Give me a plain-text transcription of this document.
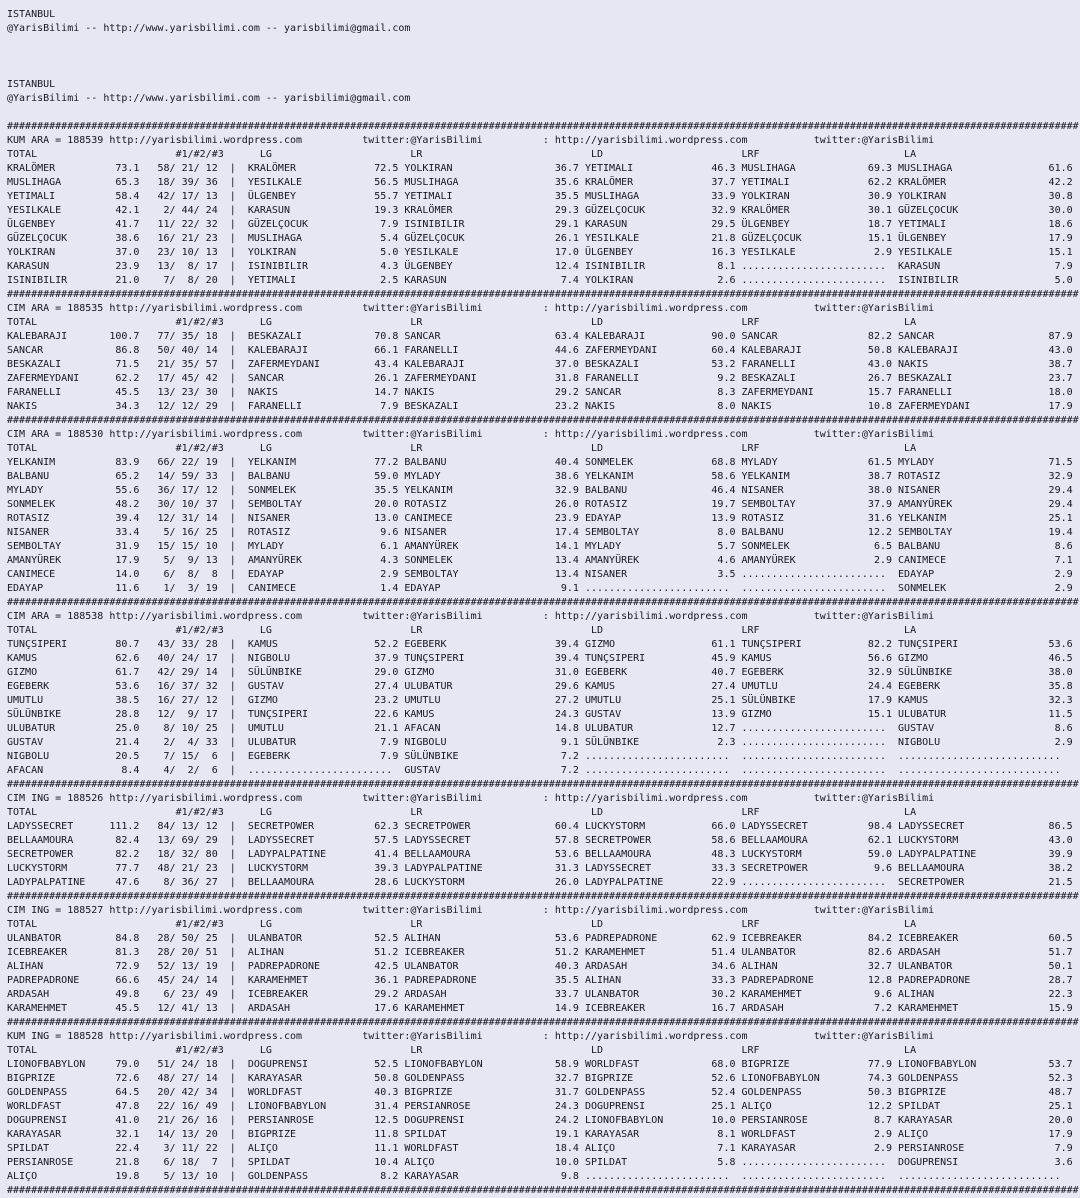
ISTANBUL
@YarisBilimi -- http://www.yarisbilimi.com -- yarisbilimi@gmail.com
ISTANBUL
@YarisBilimi -- http://www.yarisbilimi.com -- yarisbilimi@gmail.com
##################################################################################################################################################################################
KUM ARA = 188539 http://yarisbilimi.wordpress.com          twitter:@YarisBilimi          : http://yarisbilimi.wordpress.com           twitter:@YarisBilimi
TOTAL                       #1/#2/#3      LG                       LR                            LD                       LRF                        LA
KRALÖMER          73.1   58/ 21/ 12  |  KRALÖMER             72.5 YOLKIRAN                 36.7 YETIMALI             46.3 MUSLIHAGA            69.3 MUSLIHAGA                61.6
MUSLIHAGA         65.3   18/ 39/ 36  |  YESILKALE            56.5 MUSLIHAGA                35.6 KRALÖMER             37.7 YETIMALI             62.2 KRALÖMER                 42.2
YETIMALI          58.4   42/ 17/ 13  |  ÜLGENBEY             55.7 YETIMALI                 35.5 MUSLIHAGA            33.9 YOLKIRAN             30.9 YOLKIRAN                 30.8
YESILKALE         42.1    2/ 44/ 24  |  KARASUN              19.3 KRALÖMER                 29.3 GÜZELÇOCUK           32.9 KRALÖMER             30.1 GÜZELÇOCUK               30.0
ÜLGENBEY          41.7   11/ 22/ 32  |  GÜZELÇOCUK            7.9 ISINIBILIR               29.1 KARASUN              29.5 ÜLGENBEY             18.7 YETIMALI                 18.6
GÜZELÇOCUK        38.6   16/ 21/ 23  |  MUSLIHAGA             5.4 GÜZELÇOCUK               26.1 YESILKALE            21.8 GÜZELÇOCUK           15.1 ÜLGENBEY                 17.9
YOLKIRAN          37.0   23/ 10/ 13  |  YOLKIRAN              5.0 YESILKALE                17.0 ÜLGENBEY             16.3 YESILKALE             2.9 YESILKALE                15.1
KARASUN           23.9   13/  8/ 17  |  ISINIBILIR            4.3 ÜLGENBEY                 12.4 ISINIBILIR            8.1 ........................  KARASUN                   7.9
ISINIBILIR        21.0    7/  8/ 20  |  YETIMALI              2.5 KARASUN                   7.4 YOLKIRAN              2.6 ........................  ISINIBILIR                5.0
##################################################################################################################################################################################
CIM ARA = 188535 http://yarisbilimi.wordpress.com          twitter:@YarisBilimi          : http://yarisbilimi.wordpress.com           twitter:@YarisBilimi
TOTAL                       #1/#2/#3      LG                       LR                            LD                       LRF                        LA
KALEBARAJI       100.7   77/ 35/ 18  |  BESKAZALI            70.8 SANCAR                   63.4 KALEBARAJI           90.0 SANCAR               82.2 SANCAR                   87.9
SANCAR            86.8   50/ 40/ 14  |  KALEBARAJI           66.1 FARANELLI                44.6 ZAFERMEYDANI         60.4 KALEBARAJI           50.8 KALEBARAJI               43.0
BESKAZALI         71.5   21/ 35/ 57  |  ZAFERMEYDANI         43.4 KALEBARAJI               37.0 BESKAZALI            53.2 FARANELLI            43.0 NAKIS                    38.7
ZAFERMEYDANI      62.2   17/ 45/ 42  |  SANCAR               26.1 ZAFERMEYDANI             31.8 FARANELLI             9.2 BESKAZALI            26.7 BESKAZALI                23.7
FARANELLI         45.5   13/ 23/ 30  |  NAKIS                14.7 NAKIS                    29.2 SANCAR                8.3 ZAFERMEYDANI         15.7 FARANELLI                18.0
NAKIS             34.3   12/ 12/ 29  |  FARANELLI             7.9 BESKAZALI                23.2 NAKIS                 8.0 NAKIS                10.8 ZAFERMEYDANI             17.9
##################################################################################################################################################################################
CIM ARA = 188530 http://yarisbilimi.wordpress.com          twitter:@YarisBilimi          : http://yarisbilimi.wordpress.com           twitter:@YarisBilimi
TOTAL                       #1/#2/#3      LG                       LR                            LD                       LRF                        LA
YELKANIM          83.9   66/ 22/ 19  |  YELKANIM             77.2 BALBANU                  40.4 SONMELEK             68.8 MYLADY               61.5 MYLADY                   71.5
BALBANU           65.2   14/ 59/ 33  |  BALBANU              59.0 MYLADY                   38.6 YELKANIM             58.6 YELKANIM             38.7 ROTASIZ                  32.9
MYLADY            55.6   36/ 17/ 12  |  SONMELEK             35.5 YELKANIM                 32.9 BALBANU              46.4 NISANER              38.0 NISANER                  29.4
SONMELEK          48.2   30/ 10/ 37  |  SEMBOLTAY            20.0 ROTASIZ                  26.0 ROTASIZ              19.7 SEMBOLTAY            37.9 AMANYÜREK                29.4
ROTASIZ           39.4   12/ 31/ 14  |  NISANER              13.0 CANIMECE                 23.9 EDAYAP               13.9 ROTASIZ              31.6 YELKANIM                 25.1
NISANER           33.4    5/ 16/ 25  |  ROTASIZ               9.6 NISANER                  17.4 SEMBOLTAY             8.0 BALBANU              12.2 SEMBOLTAY                19.4
SEMBOLTAY         31.9   15/ 15/ 10  |  MYLADY                6.1 AMANYÜREK                14.1 MYLADY                5.7 SONMELEK              6.5 BALBANU                   8.6
AMANYÜREK         17.9    5/  9/ 13  |  AMANYÜREK             4.3 SONMELEK                 13.4 AMANYÜREK             4.6 AMANYÜREK             2.9 CANIMECE                  7.1
CANIMECE          14.0    6/  8/  8  |  EDAYAP                2.9 SEMBOLTAY                13.4 NISANER               3.5 ........................  EDAYAP                    2.9
EDAYAP            11.6    1/  3/ 19  |  CANIMECE              1.4 EDAYAP                    9.1 ........................  ........................  SONMELEK                  2.9
##################################################################################################################################################################################
CIM ARA = 188538 http://yarisbilimi.wordpress.com          twitter:@YarisBilimi          : http://yarisbilimi.wordpress.com           twitter:@YarisBilimi
TOTAL                       #1/#2/#3      LG                       LR                            LD                       LRF                        LA
TUNÇSIPERI        80.7   43/ 33/ 28  |  KAMUS                52.2 EGEBERK                  39.4 GIZMO                61.1 TUNÇSIPERI           82.2 TUNÇSIPERI               53.6
KAMUS             62.6   40/ 24/ 17  |  NIGBOLU              37.9 TUNÇSIPERI               39.4 TUNÇSIPERI           45.9 KAMUS                56.6 GIZMO                    46.5
GIZMO             61.7   42/ 29/ 14  |  SÜLÜNBIKE            29.0 GIZMO                    31.0 EGEBERK              40.7 EGEBERK              32.9 SÜLÜNBIKE                38.0
EGEBERK           53.6   16/ 37/ 32  |  GUSTAV               27.4 ULUBATUR                 29.6 KAMUS                27.4 UMUTLU               24.4 EGEBERK                  35.8
UMUTLU            38.5   16/ 27/ 12  |  GIZMO                23.2 UMUTLU                   27.2 UMUTLU               25.1 SÜLÜNBIKE            17.9 KAMUS                    32.3
SÜLÜNBIKE         28.8   12/  9/ 17  |  TUNÇSIPERI           22.6 KAMUS                    24.3 GUSTAV               13.9 GIZMO                15.1 ULUBATUR                 11.5
ULUBATUR          25.0    8/ 10/ 25  |  UMUTLU               21.1 AFACAN                   14.8 ULUBATUR             12.7 ........................  GUSTAV                    8.6
GUSTAV            21.4    2/  4/ 33  |  ULUBATUR              7.9 NIGBOLU                   9.1 SÜLÜNBIKE             2.3 ........................  NIGBOLU                   2.9
NIGBOLU           20.5    7/ 15/  6  |  EGEBERK               7.9 SÜLÜNBIKE                 7.2 ........................  ........................  ...........................
AFACAN             8.4    4/  2/  6  |  ........................  GUSTAV                    7.2 ........................  ........................  ...........................
##################################################################################################################################################################################
CIM ING = 188526 http://yarisbilimi.wordpress.com          twitter:@YarisBilimi          : http://yarisbilimi.wordpress.com           twitter:@YarisBilimi
TOTAL                       #1/#2/#3      LG                       LR                            LD                       LRF                        LA
LADYSSECRET      111.2   84/ 13/ 12  |  SECRETPOWER          62.3 SECRETPOWER              60.4 LUCKYSTORM           66.0 LADYSSECRET          98.4 LADYSSECRET              86.5
BELLAAMOURA       82.4   13/ 69/ 29  |  LADYSSECRET          57.5 LADYSSECRET              57.8 SECRETPOWER          58.6 BELLAAMOURA          62.1 LUCKYSTORM               43.0
SECRETPOWER       82.2   18/ 32/ 80  |  LADYPALPATINE        41.4 BELLAAMOURA              53.6 BELLAAMOURA          48.3 LUCKYSTORM           59.0 LADYPALPATINE            39.9
LUCKYSTORM        77.7   48/ 21/ 23  |  LUCKYSTORM           39.3 LADYPALPATINE            31.3 LADYSSECRET          33.3 SECRETPOWER           9.6 BELLAAMOURA              38.2
LADYPALPATINE     47.6    8/ 36/ 27  |  BELLAAMOURA          28.6 LUCKYSTORM               26.0 LADYPALPATINE        22.9 ........................  SECRETPOWER              21.5
##################################################################################################################################################################################
CIM ING = 188527 http://yarisbilimi.wordpress.com          twitter:@YarisBilimi          : http://yarisbilimi.wordpress.com           twitter:@YarisBilimi
TOTAL                       #1/#2/#3      LG                       LR                            LD                       LRF                        LA
ULANBATOR         84.8   28/ 50/ 25  |  ULANBATOR            52.5 ALIHAN                   53.6 PADREPADRONE         62.9 ICEBREAKER           84.2 ICEBREAKER               60.5
ICEBREAKER        81.3   28/ 20/ 51  |  ALIHAN               51.2 ICEBREAKER               51.2 KARAMEHMET           51.4 ULANBATOR            82.6 ARDASAH                  51.7
ALIHAN            72.9   52/ 13/ 19  |  PADREPADRONE         42.5 ULANBATOR                40.3 ARDASAH              34.6 ALIHAN               32.7 ULANBATOR                50.1
PADREPADRONE      66.6   45/ 24/ 14  |  KARAMEHMET           36.1 PADREPADRONE             35.5 ALIHAN               33.3 PADREPADRONE         12.8 PADREPADRONE             28.7
ARDASAH           49.8    6/ 23/ 49  |  ICEBREAKER           29.2 ARDASAH                  33.7 ULANBATOR            30.2 KARAMEHMET            9.6 ALIHAN                   22.3
KARAMEHMET        45.5   12/ 41/ 13  |  ARDASAH              17.6 KARAMEHMET               14.9 ICEBREAKER           16.7 ARDASAH               7.2 KARAMEHMET               15.9
##################################################################################################################################################################################
KUM ING = 188528 http://yarisbilimi.wordpress.com          twitter:@YarisBilimi          : http://yarisbilimi.wordpress.com           twitter:@YarisBilimi
TOTAL                       #1/#2/#3      LG                       LR                            LD                       LRF                        LA
LIONOFBABYLON     79.0   51/ 24/ 18  |  DOGUPRENSI           52.5 LIONOFBABYLON            58.9 WORLDFAST            68.0 BIGPRIZE             77.9 LIONOFBABYLON            53.7
BIGPRIZE          72.6   48/ 27/ 14  |  KARAYASAR            50.8 GOLDENPASS               32.7 BIGPRIZE             52.6 LIONOFBABYLON        74.3 GOLDENPASS               52.3
GOLDENPASS        64.5   20/ 42/ 34  |  WORLDFAST            40.3 BIGPRIZE                 31.7 GOLDENPASS           52.4 GOLDENPASS           50.3 BIGPRIZE                 48.7
WORLDFAST         47.8   22/ 16/ 49  |  LIONOFBABYLON        31.4 PERSIANROSE              24.3 DOGUPRENSI           25.1 ALIÇO                12.2 SPILDAT                  25.1
DOGUPRENSI        41.0   21/ 26/ 16  |  PERSIANROSE          12.5 DOGUPRENSI               24.2 LIONOFBABYLON        10.0 PERSIANROSE           8.7 KARAYASAR                20.0
KARAYASAR         32.1   14/ 13/ 20  |  BIGPRIZE             11.8 SPILDAT                  19.1 KARAYASAR             8.1 WORLDFAST             2.9 ALIÇO                    17.9
SPILDAT           22.4    3/ 11/ 22  |  ALIÇO                11.1 WORLDFAST                18.4 ALIÇO                 7.1 KARAYASAR             2.9 PERSIANROSE               7.9
PERSIANROSE       21.8    6/ 18/  7  |  SPILDAT              10.4 ALIÇO                    10.0 SPILDAT               5.8 ........................  DOGUPRENSI                3.6
ALIÇO             19.8    5/ 13/ 10  |  GOLDENPASS            8.2 KARAYASAR                 9.8 ........................  ........................  ...........................
##################################################################################################################################################################################
